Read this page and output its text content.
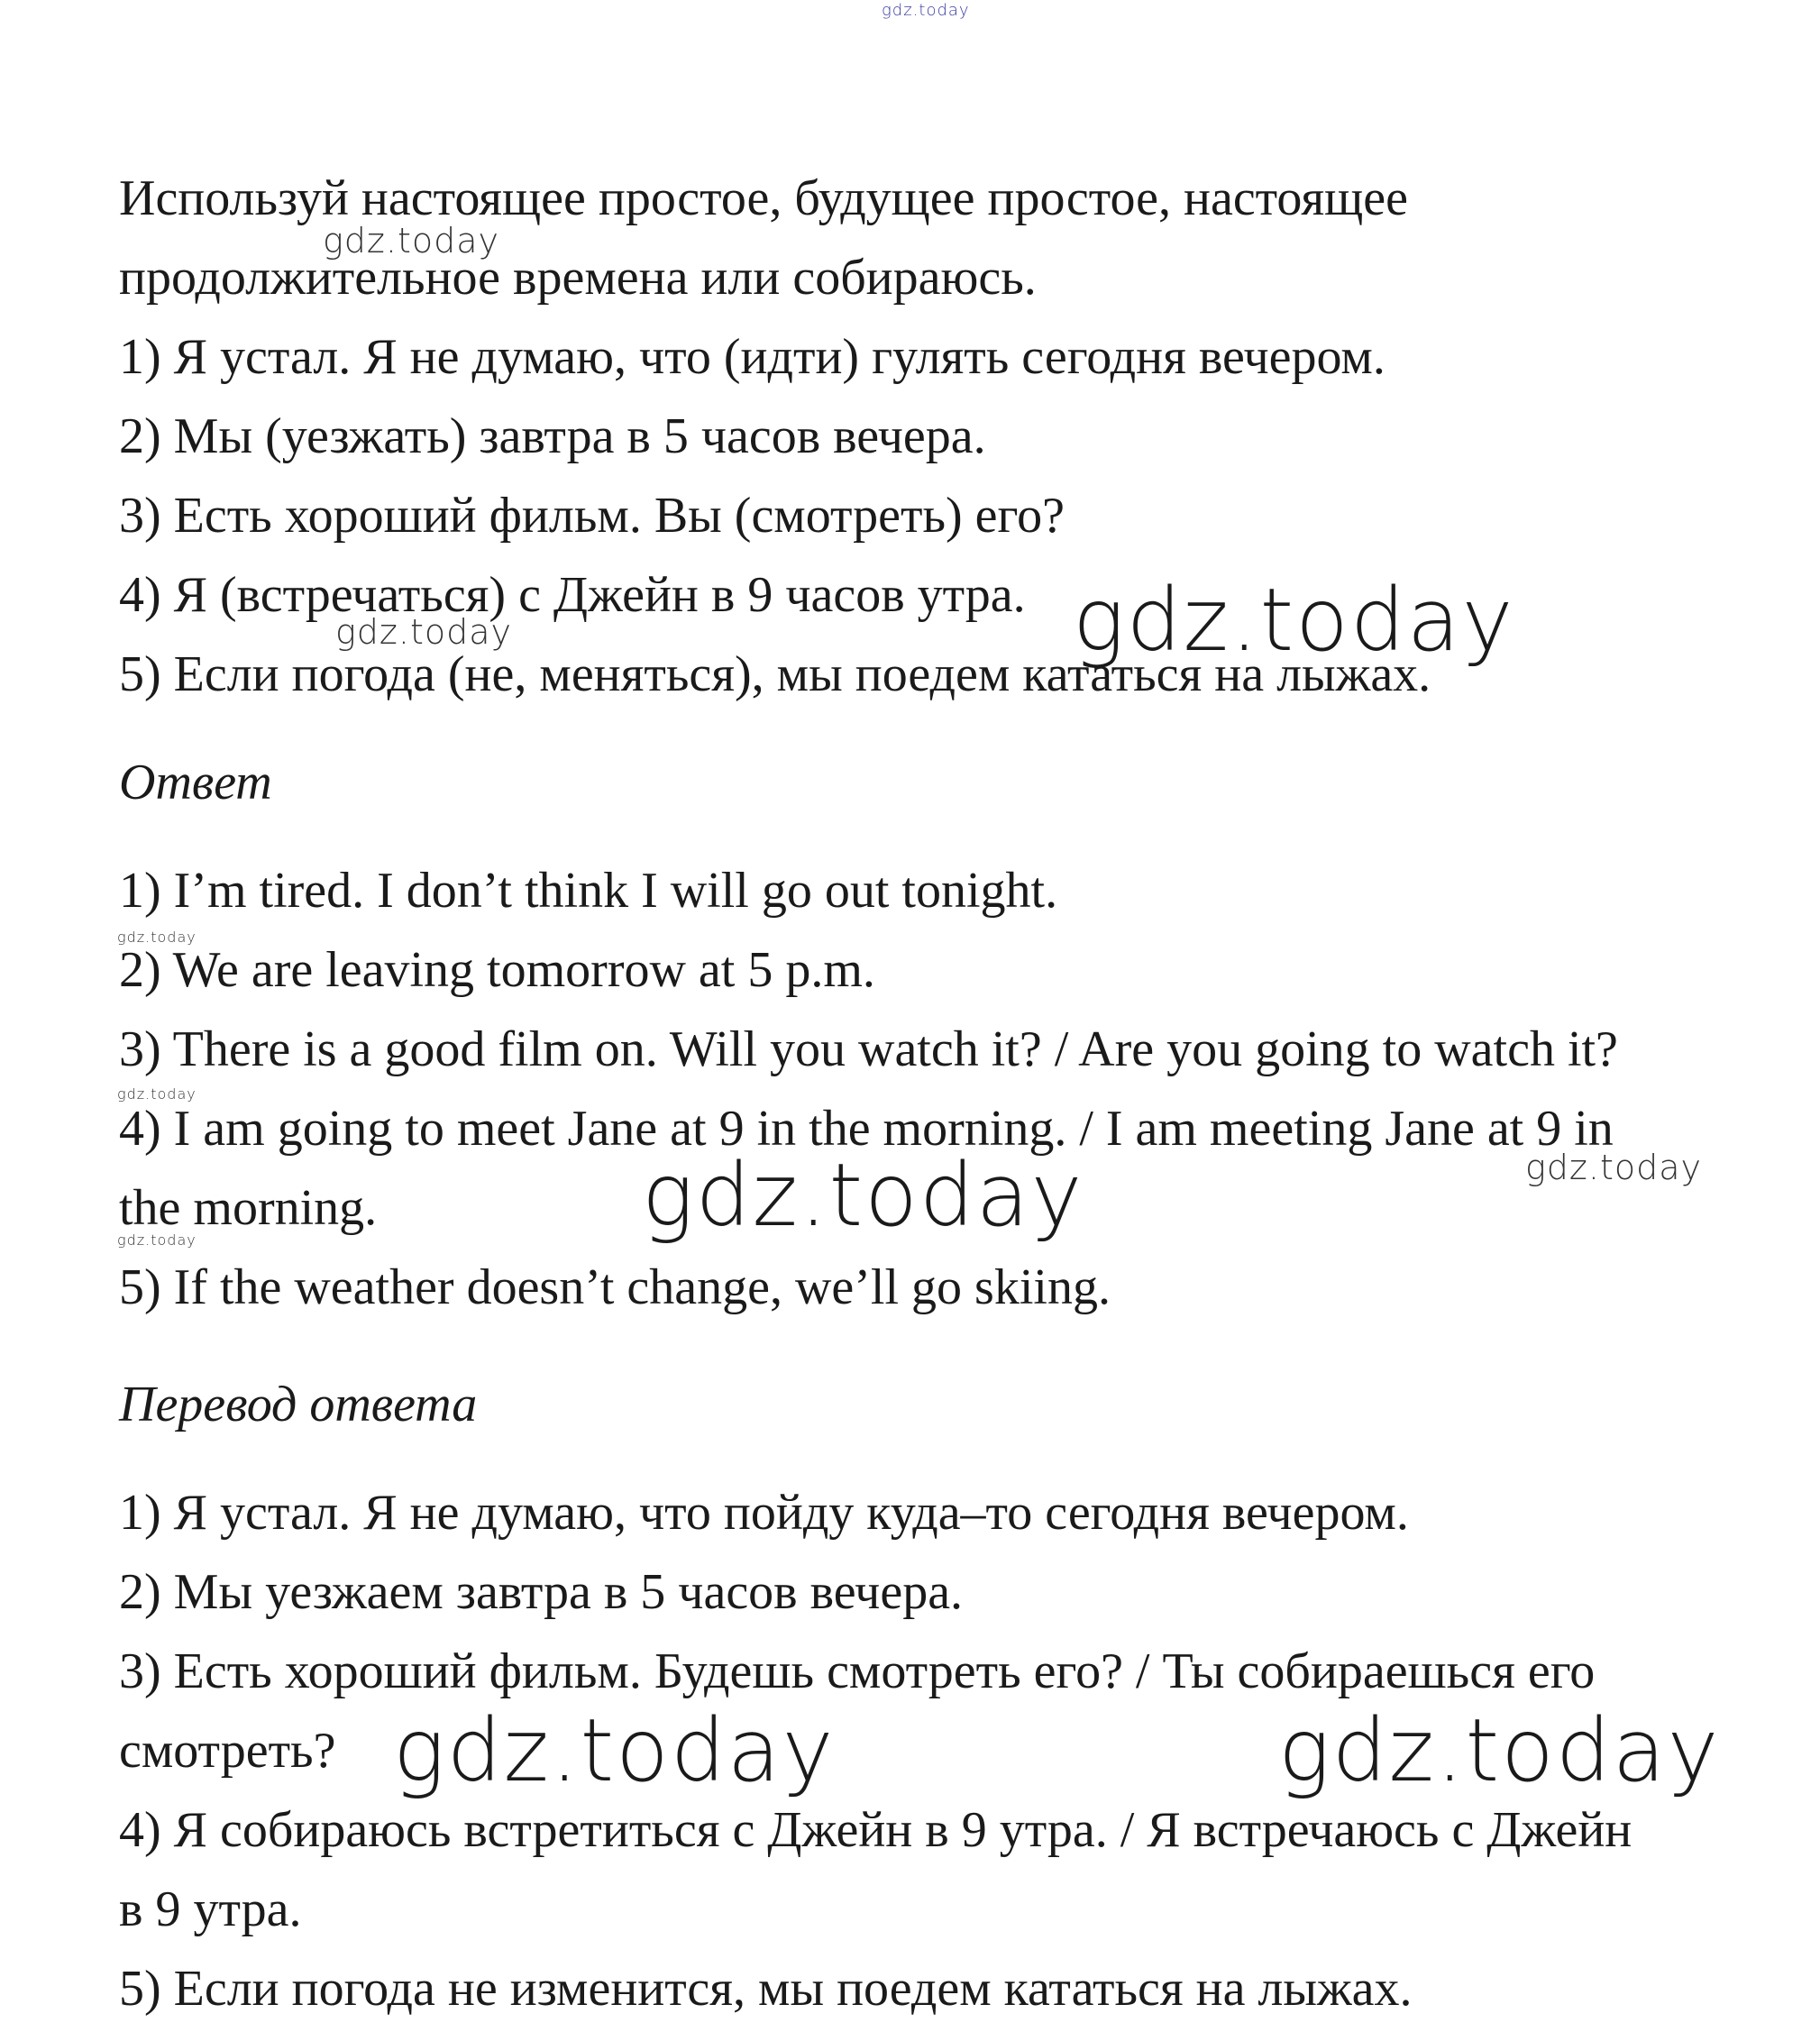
gdz.today
Используй настоящее простое, будущее простое, настоящее
gdz.today
продолжительное времена или собираюсь.
1) Я устал. Я не думаю, что (идти) гулять сегодня вечером.
2) Мы (уезжать) завтра в 5 часов вечера.
3) Есть хороший фильм. Вы (смотреть) его?
4) Я (встречаться) с Джейн в 9 часов утра. gdz.today
gdz.today
5) Если погода (не, меняться), мы поедем кататься на лыжах.
Ответ
1) I’m tired. I don’t think I will go out tonight.
gdz.today
2) We are leaving tomorrow at 5 p.m.
3) There is a good film on. Will you watch it? / Are you going to watch it?
gdz.today
4) I am going to meet Jane at 9 in the morning. / I am meeting Jane at 9 in
gdz.today
gdz.today
the morning.
gdz.today
5) If the weather doesn’t change, we’ll go skiing.
Перевод ответа
1) Я устал. Я не думаю, что пойду куда–то сегодня вечером.
2) Мы уезжаем завтра в 5 часов вечера.
3) Есть хороший фильм. Будешь смотреть его? / Ты собираешься его
смотреть? gdz.today	gdz.today
4) Я собираюсь встретиться с Джейн в 9 утра. / Я встречаюсь с Джейн
в 9 утра.
5) Если погода не изменится, мы поедем кататься на лыжах.
